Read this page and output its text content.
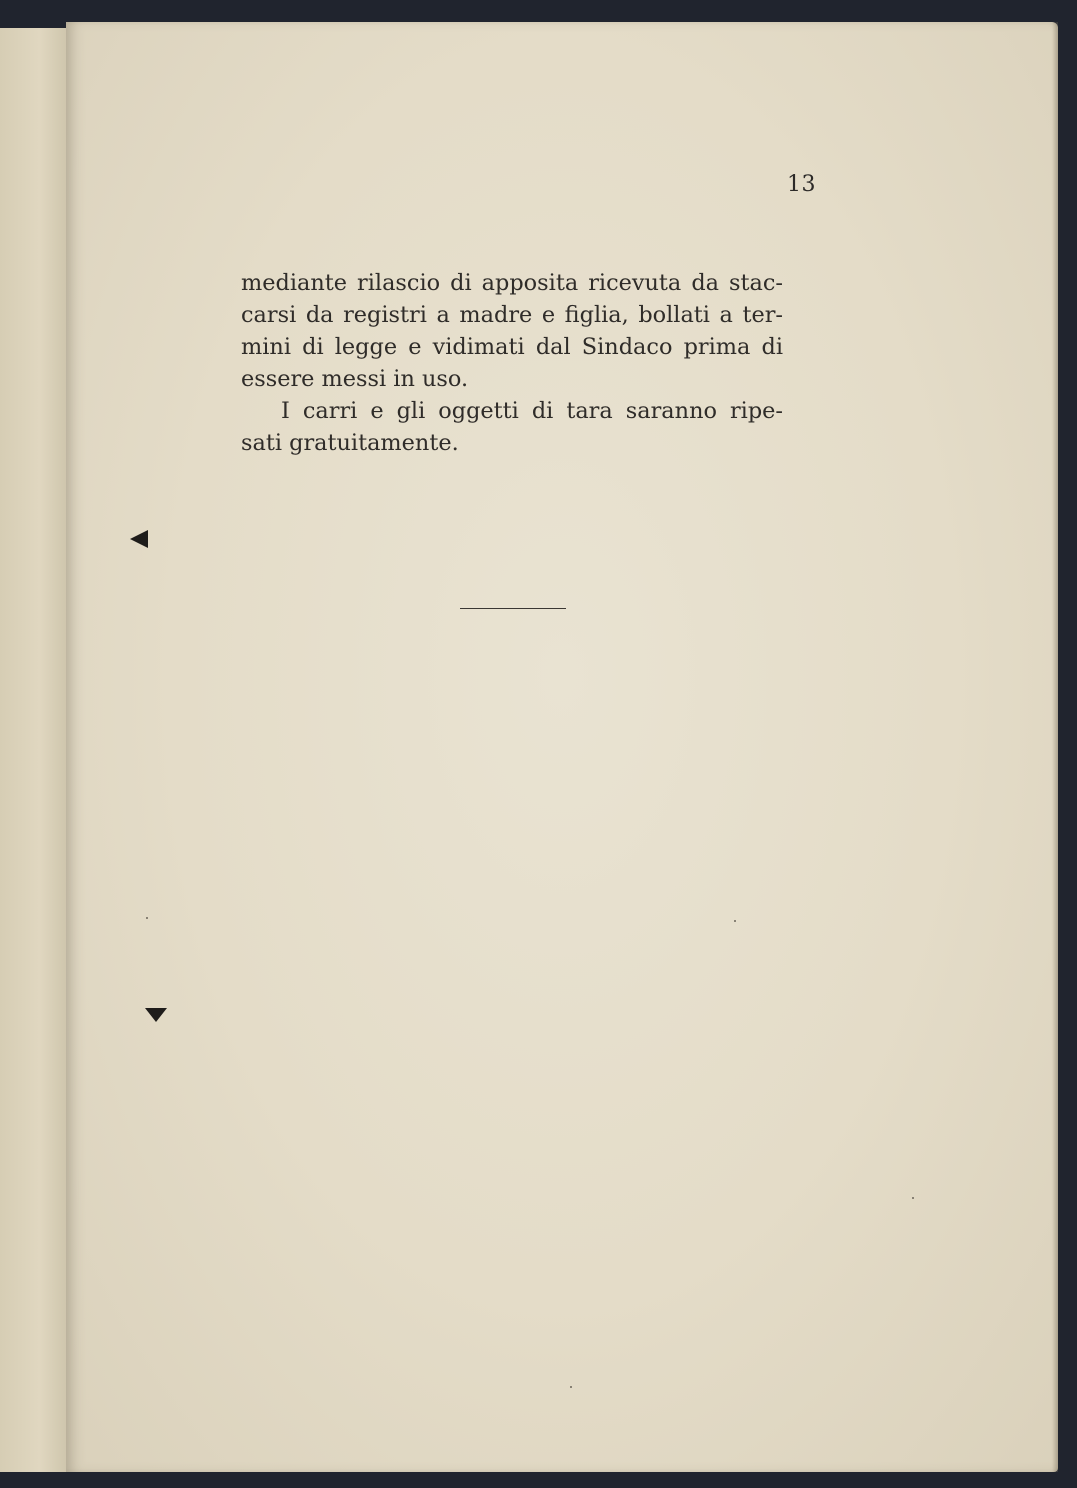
13
mediante rilascio di apposita ricevuta da stac-
carsi da registri a madre e figlia, bollati a ter-
mini di legge e vidimati dal Sindaco prima di
essere messi in uso.
I carri e gli oggetti di tara saranno ripe-
sati gratuitamente.
